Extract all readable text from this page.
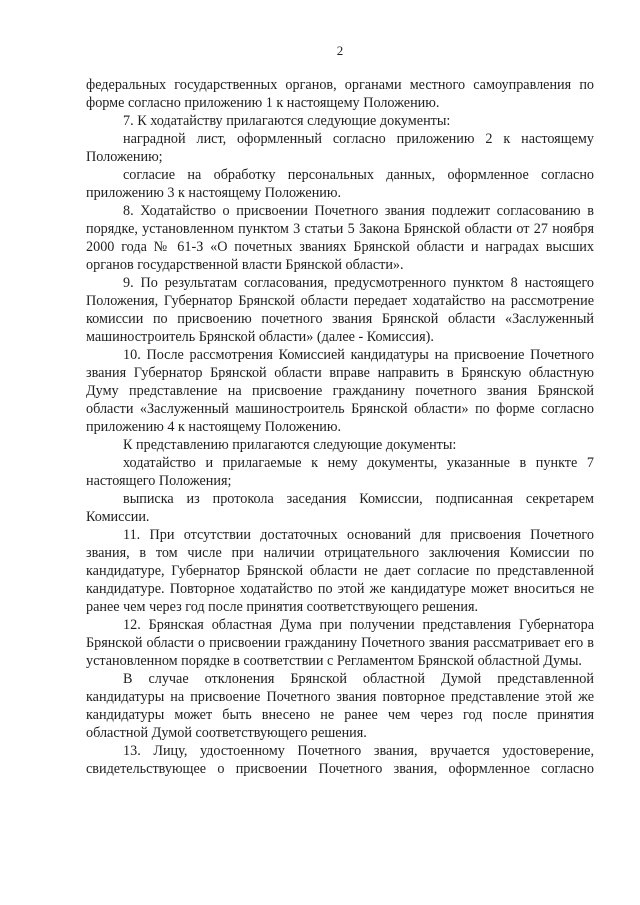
2

федеральных государственных органов, органами местного самоуправления по форме согласно приложению 1 к настоящему Положению.

7. К ходатайству прилагаются следующие документы:

наградной лист, оформленный согласно приложению 2 к настоящему Положению;

согласие на обработку персональных данных, оформленное согласно приложению 3 к настоящему Положению.

8. Ходатайство о присвоении Почетного звания подлежит согласованию в порядке, установленном пунктом 3 статьи 5 Закона Брянской области от 27 ноября 2000 года № 61-З «О почетных званиях Брянской области и наградах высших органов государственной власти Брянской области».

9. По результатам согласования, предусмотренного пунктом 8 настоящего Положения, Губернатор Брянской области передает ходатайство на рассмотрение комиссии по присвоению почетного звания Брянской области «Заслуженный машиностроитель Брянской области» (далее - Комиссия).

10. После рассмотрения Комиссией кандидатуры на присвоение Почетного звания Губернатор Брянской области вправе направить в Брянскую областную Думу представление на присвоение гражданину почетного звания Брянской области «Заслуженный машиностроитель Брянской области» по форме согласно приложению 4 к настоящему Положению.

К представлению прилагаются следующие документы:

ходатайство и прилагаемые к нему документы, указанные в пункте 7 настоящего Положения;

выписка из протокола заседания Комиссии, подписанная секретарем Комиссии.

11. При отсутствии достаточных оснований для присвоения Почетного звания, в том числе при наличии отрицательного заключения Комиссии по кандидатуре, Губернатор Брянской области не дает согласие по представленной кандидатуре. Повторное ходатайство по этой же кандидатуре может вноситься не ранее чем через год после принятия соответствующего решения.

12. Брянская областная Дума при получении представления Губернатора Брянской области о присвоении гражданину Почетного звания рассматривает его в установленном порядке в соответствии с Регламентом Брянской областной Думы.

В случае отклонения Брянской областной Думой представленной кандидатуры на присвоение Почетного звания повторное представление этой же кандидатуры может быть внесено не ранее чем через год после принятия областной Думой соответствующего решения.

13. Лицу, удостоенному Почетного звания, вручается удостоверение, свидетельствующее о присвоении Почетного звания, оформленное согласно
